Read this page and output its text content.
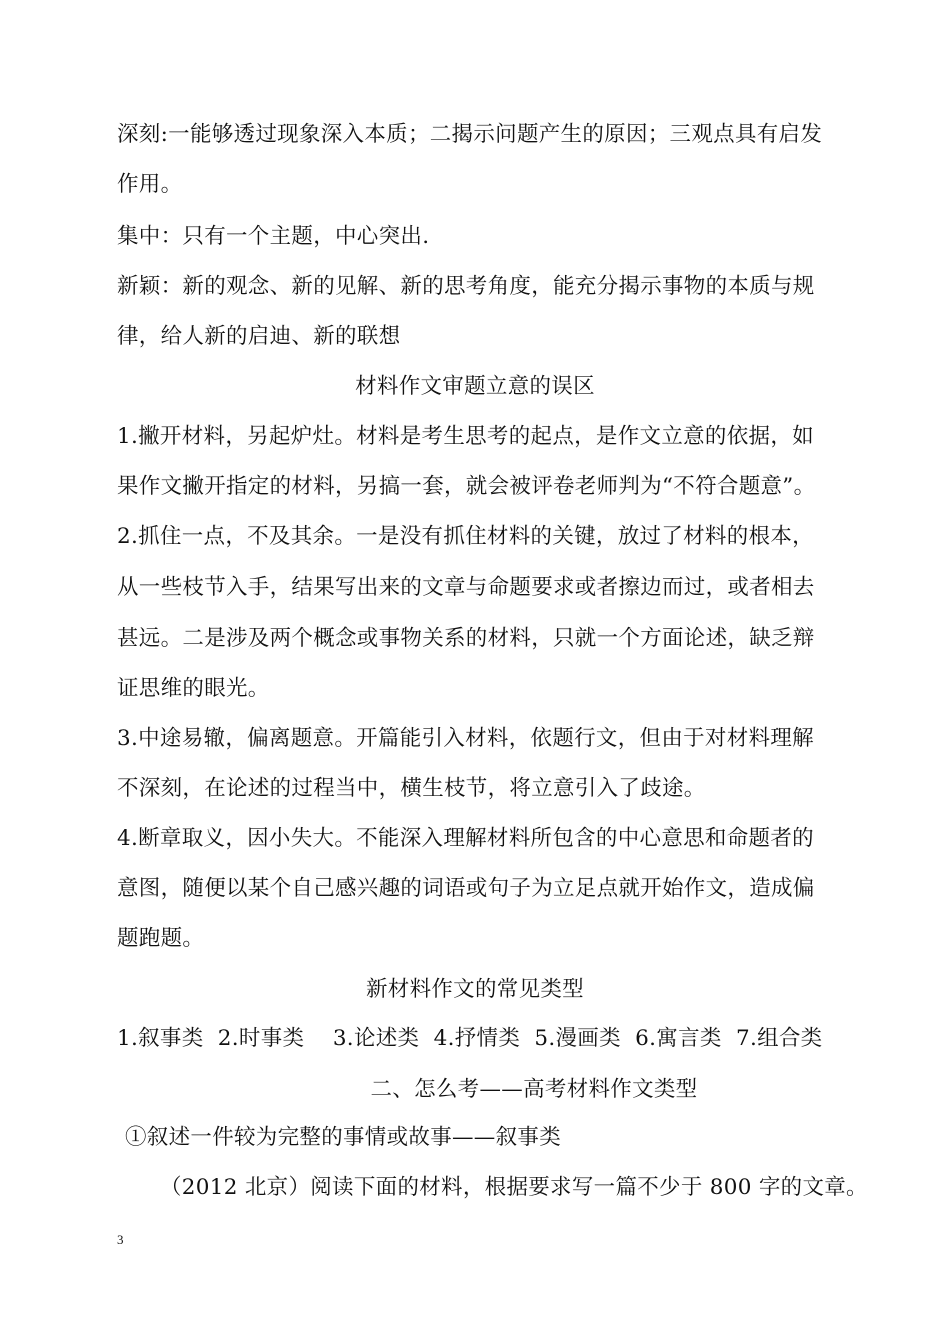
深刻:一能够透过现象深入本质；二揭示问题产生的原因；三观点具有启发
作用。
集中：只有一个主题，中心突出.
新颖：新的观念、新的见解、新的思考角度，能充分揭示事物的本质与规
律，给人新的启迪、新的联想
材料作文审题立意的误区
1.撇开材料，另起炉灶。材料是考生思考的起点，是作文立意的依据，如
果作文撇开指定的材料，另搞一套，就会被评卷老师判为“不符合题意”。
2.抓住一点，不及其余。一是没有抓住材料的关键，放过了材料的根本，
从一些枝节入手，结果写出来的文章与命题要求或者擦边而过，或者相去
甚远。二是涉及两个概念或事物关系的材料，只就一个方面论述，缺乏辩
证思维的眼光。
3.中途易辙，偏离题意。开篇能引入材料，依题行文，但由于对材料理解
不深刻，在论述的过程当中，横生枝节，将立意引入了歧途。
4.断章取义，因小失大。不能深入理解材料所包含的中心意思和命题者的
意图，随便以某个自己感兴趣的词语或句子为立足点就开始作文，造成偏
题跑题。
新材料作文的常见类型
1.叙事类  2.时事类    3.论述类  4.抒情类  5.漫画类  6.寓言类  7.组合类
二、怎么考——高考材料作文类型
①叙述一件较为完整的事情或故事——叙事类
（2012 北京）阅读下面的材料，根据要求写一篇不少于 800 字的文章。
3
